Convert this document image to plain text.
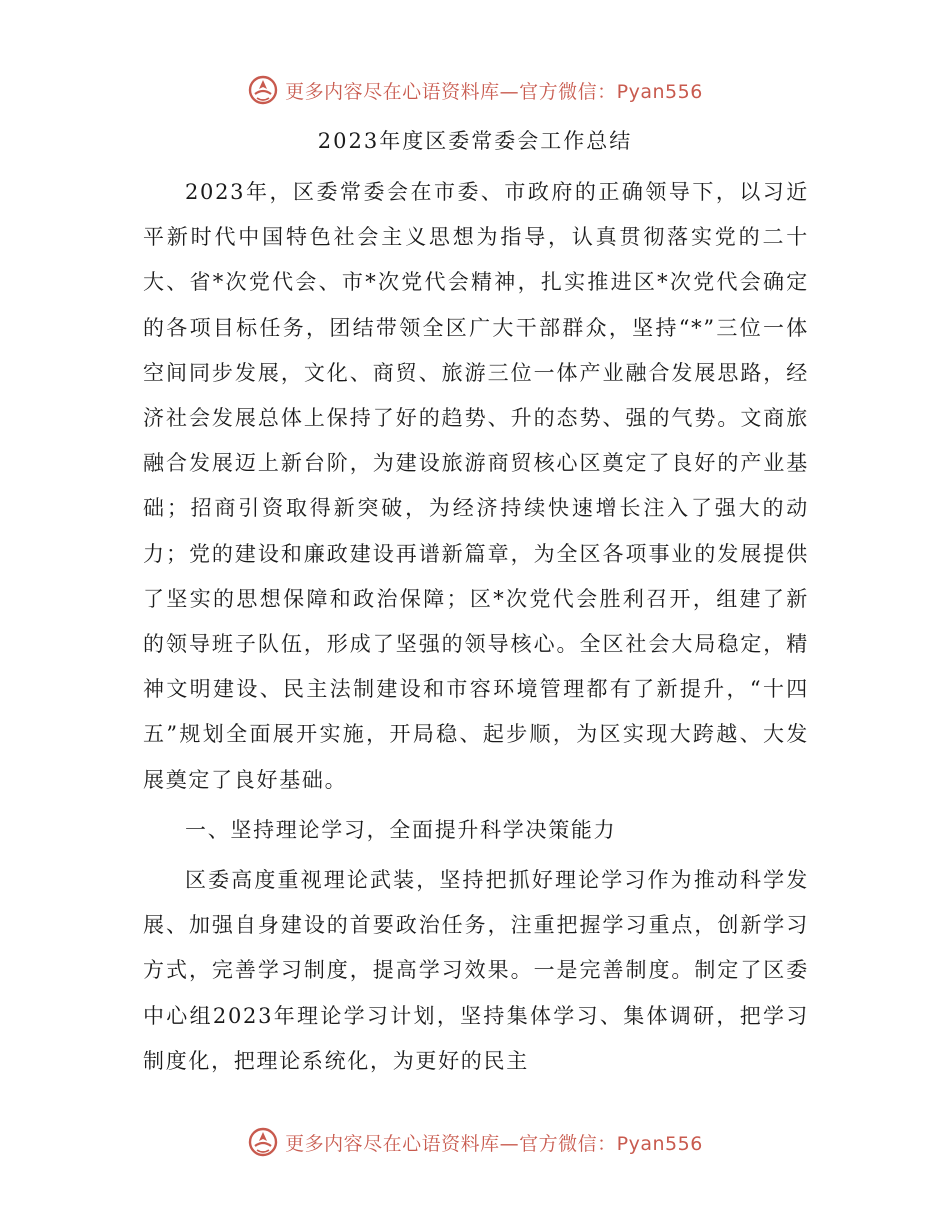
更多内容尽在心语资料库—官方微信：Pyan556
2023年度区委常委会工作总结

2023年，区委常委会在市委、市政府的正确领导下，以习近平新时代中国特色社会主义思想为指导，认真贯彻落实党的二十大、省*次党代会、市*次党代会精神，扎实推进区*次党代会确定的各项目标任务，团结带领全区广大干部群众，坚持“*”三位一体空间同步发展，文化、商贸、旅游三位一体产业融合发展思路，经济社会发展总体上保持了好的趋势、升的态势、强的气势。文商旅融合发展迈上新台阶，为建设旅游商贸核心区奠定了良好的产业基础；招商引资取得新突破，为经济持续快速增长注入了强大的动力；党的建设和廉政建设再谱新篇章，为全区各项事业的发展提供了坚实的思想保障和政治保障；区*次党代会胜利召开，组建了新的领导班子队伍，形成了坚强的领导核心。全区社会大局稳定，精神文明建设、民主法制建设和市容环境管理都有了新提升，“十四五”规划全面展开实施，开局稳、起步顺，为区实现大跨越、大发展奠定了良好基础。

一、坚持理论学习，全面提升科学决策能力

区委高度重视理论武装，坚持把抓好理论学习作为推动科学发展、加强自身建设的首要政治任务，注重把握学习重点，创新学习方式，完善学习制度，提高学习效果。一是完善制度。制定了区委中心组2023年理论学习计划，坚持集体学习、集体调研，把学习制度化，把理论系统化，为更好的民主

更多内容尽在心语资料库—官方微信：Pyan556
